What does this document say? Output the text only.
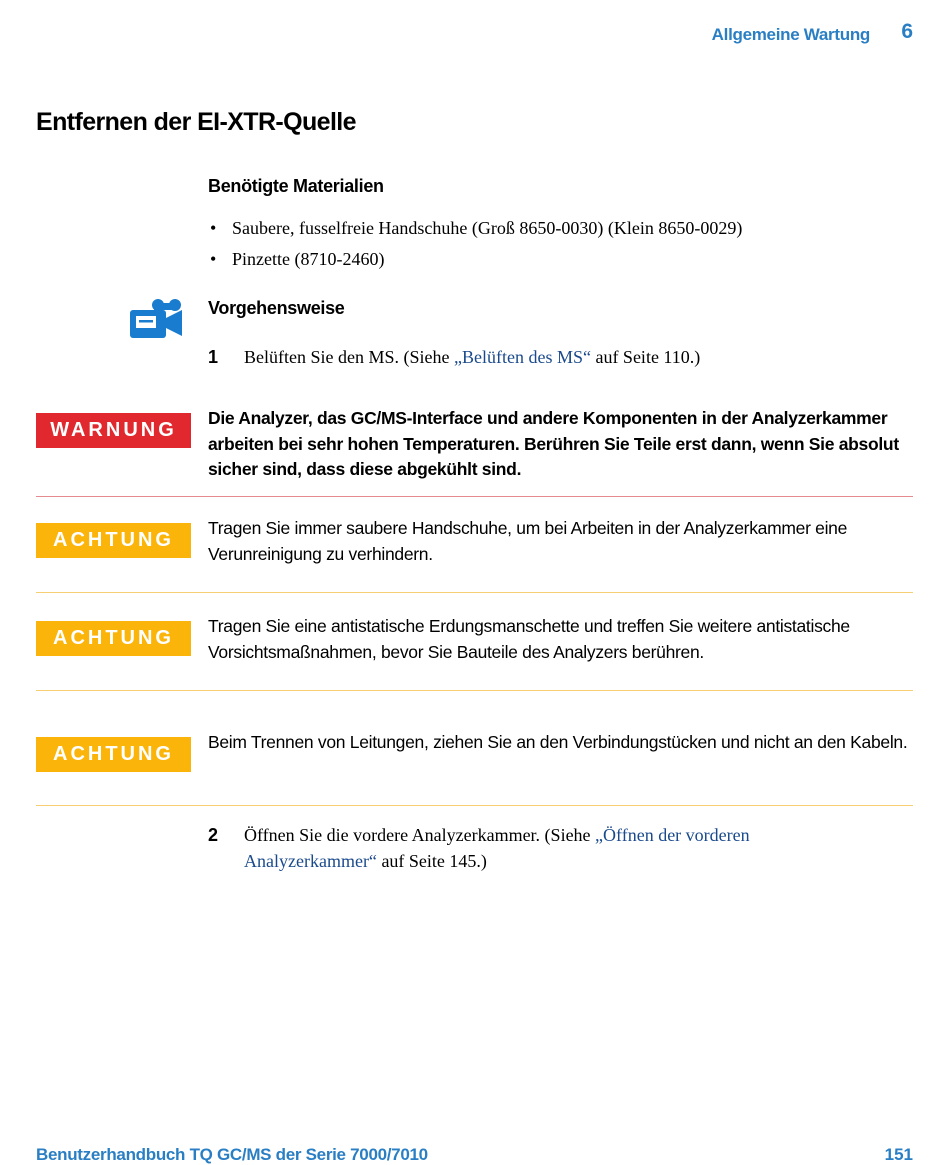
Allgemeine Wartung 6
Entfernen der EI-XTR-Quelle
Benötigte Materialien
• Saubere, fusselfreie Handschuhe (Groß 8650-0030) (Klein 8650-0029)
• Pinzette (8710-2460)
Vorgehensweise
1 Belüften Sie den MS. (Siehe „Belüften des MS“ auf Seite 110.)
WARNUNG
Die Analyzer, das GC/MS-Interface und andere Komponenten in der Analyzerkammer arbeiten bei sehr hohen Temperaturen. Berühren Sie Teile erst dann, wenn Sie absolut sicher sind, dass diese abgekühlt sind.
ACHTUNG
Tragen Sie immer saubere Handschuhe, um bei Arbeiten in der Analyzerkammer eine Verunreinigung zu verhindern.
ACHTUNG
Tragen Sie eine antistatische Erdungsmanschette und treffen Sie weitere antistatische Vorsichtsmaßnahmen, bevor Sie Bauteile des Analyzers berühren.
ACHTUNG
Beim Trennen von Leitungen, ziehen Sie an den Verbindungstücken und nicht an den Kabeln.
2 Öffnen Sie die vordere Analyzerkammer. (Siehe „Öffnen der vorderen Analyzerkammer“ auf Seite 145.)
Benutzerhandbuch TQ GC/MS der Serie 7000/7010	151
